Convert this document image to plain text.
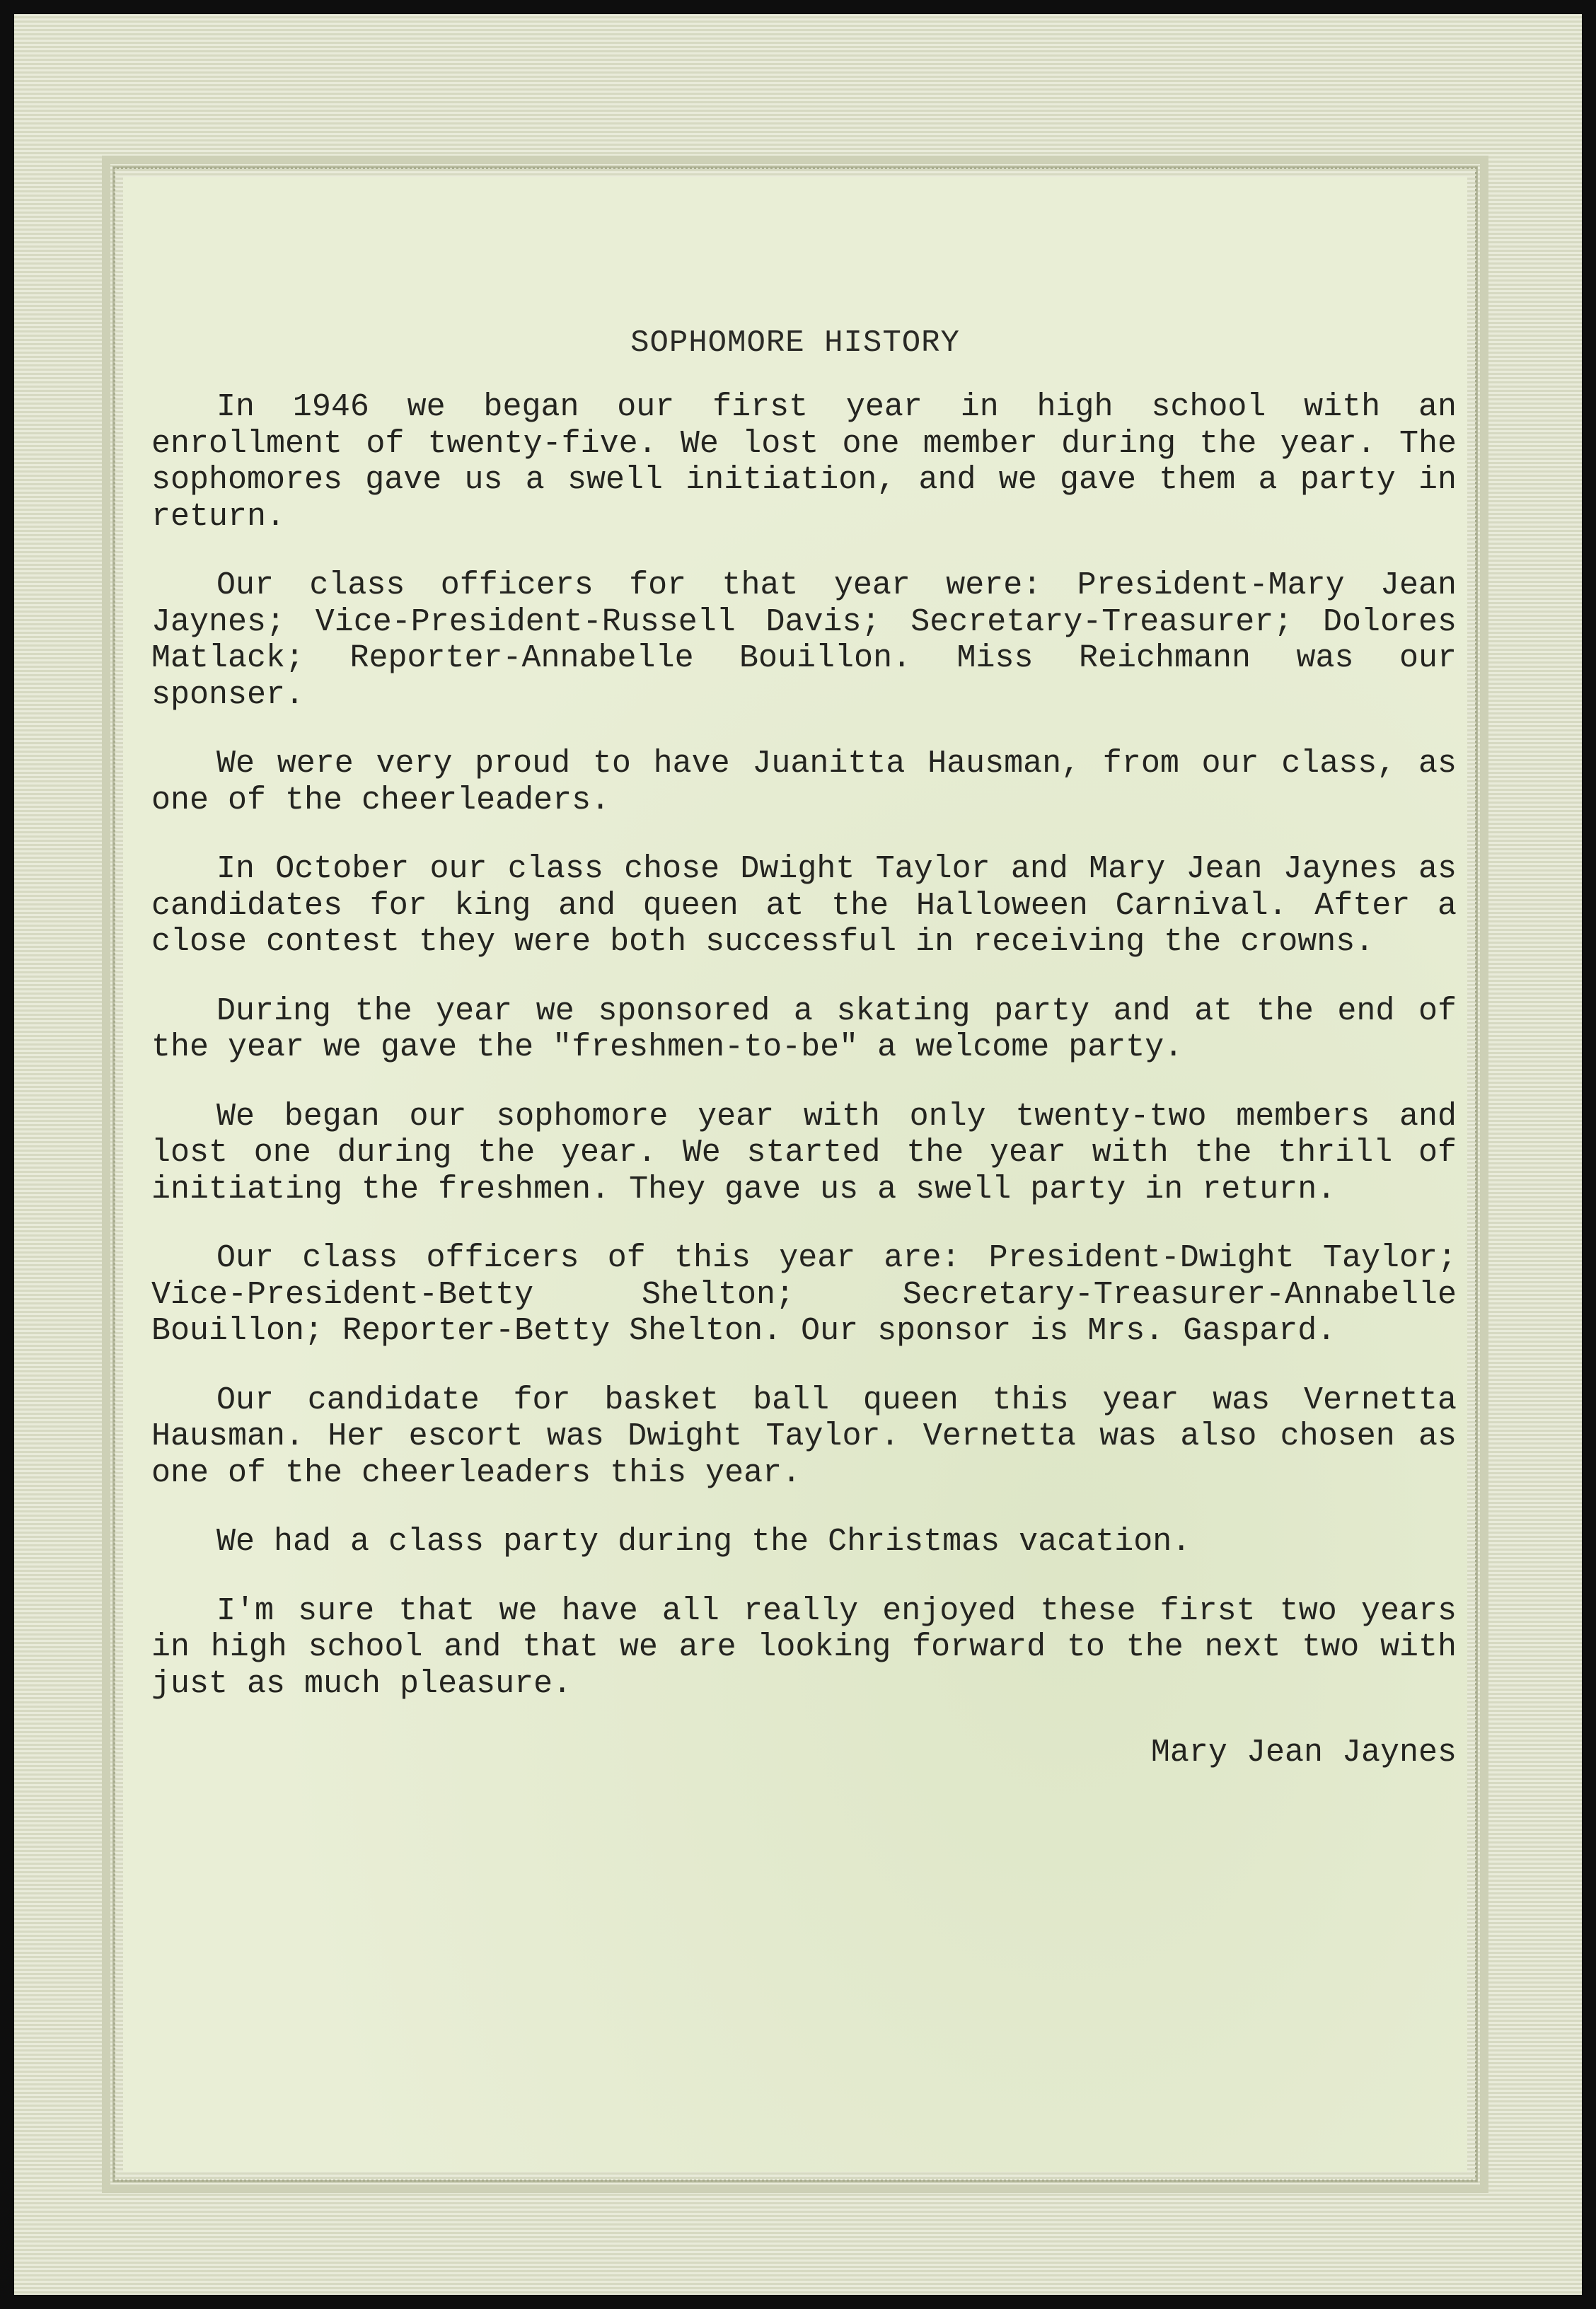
SOPHOMORE HISTORY

In 1946 we began our first year in high school with an enrollment of twenty-five. We lost one member during the year. The sophomores gave us a swell initiation, and we gave them a party in return.

Our class officers for that year were: President-Mary Jean Jaynes; Vice-President-Russell Davis; Secretary-Treasurer; Dolores Matlack; Reporter-Annabelle Bouillon. Miss Reichmann was our sponser.

We were very proud to have Juanitta Hausman, from our class, as one of the cheerleaders.

In October our class chose Dwight Taylor and Mary Jean Jaynes as candidates for king and queen at the Halloween Carnival. After a close contest they were both successful in receiving the crowns.

During the year we sponsored a skating party and at the end of the year we gave the "freshmen-to-be" a welcome party.

We began our sophomore year with only twenty-two members and lost one during the year. We started the year with the thrill of initiating the freshmen. They gave us a swell party in return.

Our class officers of this year are: President-Dwight Taylor; Vice-President-Betty Shelton; Secretary-Treasurer-Annabelle Bouillon; Reporter-Betty Shelton. Our sponsor is Mrs. Gaspard.

Our candidate for basket ball queen this year was Vernetta Hausman. Her escort was Dwight Taylor. Vernetta was also chosen as one of the cheerleaders this year.

We had a class party during the Christmas vacation.

I'm sure that we have all really enjoyed these first two years in high school and that we are looking forward to the next two with just as much pleasure.

Mary Jean Jaynes
